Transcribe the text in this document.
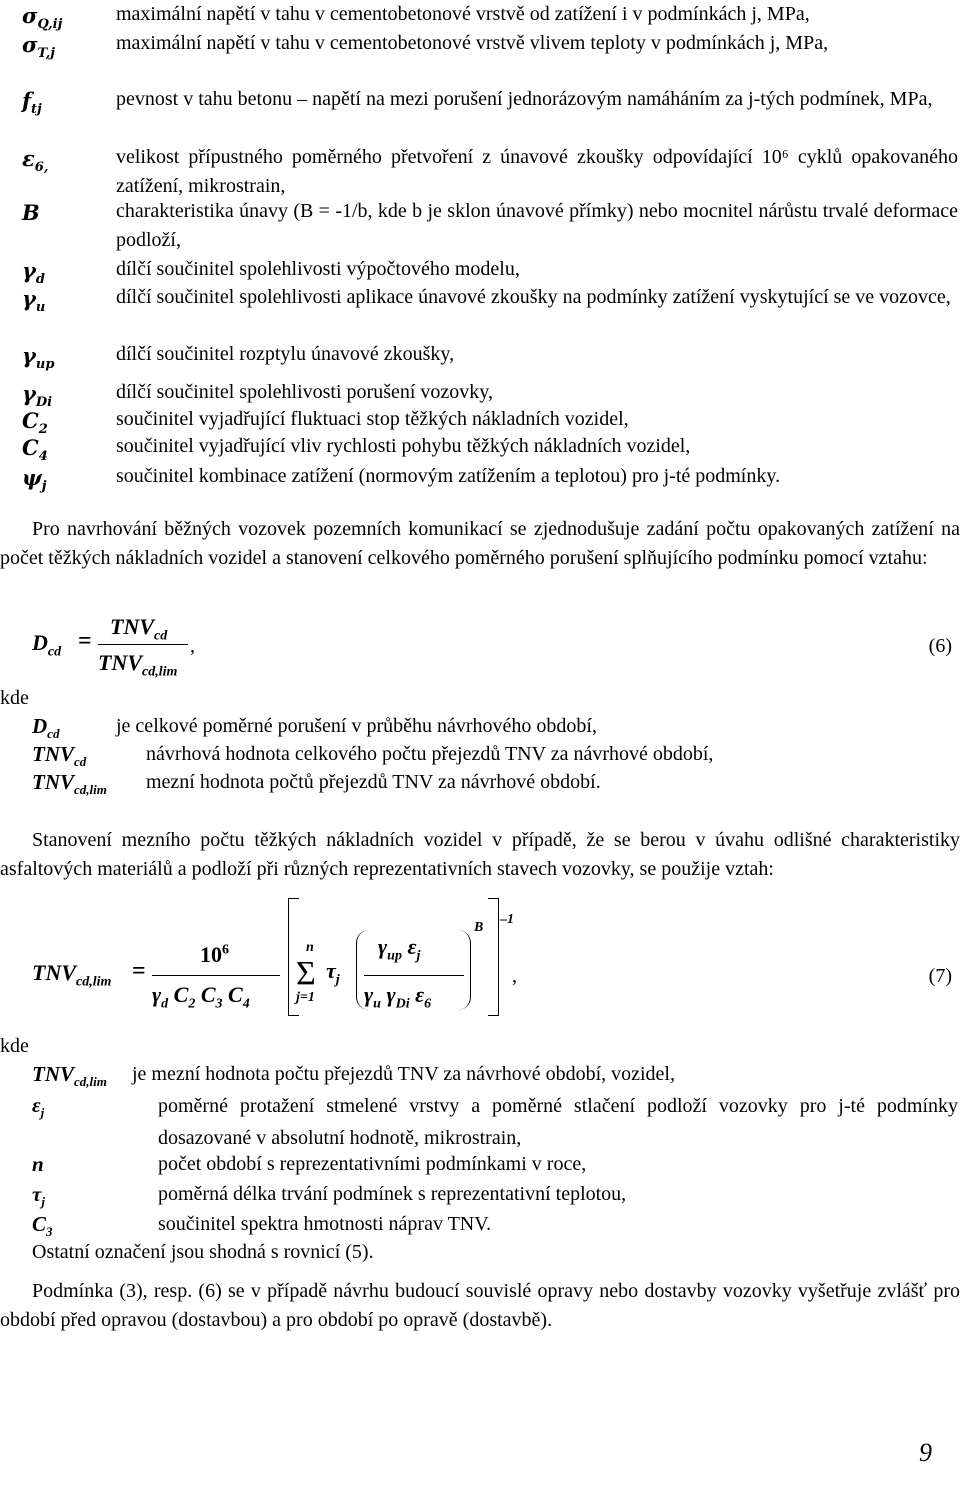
$\sigma_{Q,ij}$	maximální napětí v tahu v cementobetonové vrstvě od zatížení i v podmínkách j, MPa,
$\sigma_{T,j}$	maximální napětí v tahu v cementobetonové vrstvě vlivem teploty v podmínkách j, MPa,
$f_{tj}$	pevnost v tahu betonu – napětí na mezi porušení jednorázovým namáháním za j-tých podmínek, MPa,
$\varepsilon_{6,}$	velikost přípustného poměrného přetvoření z únavové zkoušky odpovídající 10⁶ cyklů opakovaného zatížení, mikrostrain,
B	charakteristika únavy (B = -1/b, kde b je sklon únavové přímky) nebo mocnitel nárůstu trvalé deformace podloží,
$\gamma_d$	dílčí součinitel spolehlivosti výpočtového modelu,
$\gamma_u$	dílčí součinitel spolehlivosti aplikace únavové zkoušky na podmínky zatížení vyskytující se ve vozovce,
$\gamma_{up}$	dílčí součinitel rozptylu únavové zkoušky,
$\gamma_{Di}$	dílčí součinitel spolehlivosti porušení vozovky,
$C_2$	součinitel vyjadřující fluktuaci stop těžkých nákladních vozidel,
$C_4$	součinitel vyjadřující vliv rychlosti pohybu těžkých nákladních vozidel,
$\psi_j$	součinitel kombinace zatížení (normovým zatížením a teplotou) pro j-té podmínky.
Pro navrhování běžných vozovek pozemních komunikací se zjednodušuje zadání počtu opakovaných zatížení na počet těžkých nákladních vozidel a stanovení celkového poměrného porušení splňujícího podmínku pomocí vztahu:
$D_{cd}$ =
$TNV_{cd}$
$TNV_{cd,lim}$
,	(6)
kde
$D_{cd}$	je celkové poměrné porušení v průběhu návrhového období,
$TNV_{cd}$	návrhová hodnota celkového počtu přejezdů TNV za návrhové období,
$TNV_{cd,lim}$ mezní hodnota počtů přejezdů TNV za návrhové období.
Stanovení mezního počtu těžkých nákladních vozidel v případě, že se berou v úvahu odlišné charakteristiky asfaltových materiálů a podloží při různých reprezentativních stavech vozovky, se použije vztah:
$TNV_{cd,lim}$ =
$10^6$
$\gamma_d$ $C_2$ $C_3$ $C_4$
n
Σ
j=1
$\tau_j$
$\gamma_{up}$ $\varepsilon_j$
$\gamma_u$ $\gamma_{Di}$ $\varepsilon_6$
B
–1
,	(7)
kde
$TNV_{cd,lim}$ je mezní hodnota počtu přejezdů TNV za návrhové období, vozidel,
$\varepsilon_j$	poměrné protažení stmelené vrstvy a poměrné stlačení podloží vozovky pro j-té podmínky dosazované v absolutní hodnotě, mikrostrain,
n	počet období s reprezentativními podmínkami v roce,
$\tau_j$	poměrná délka trvání podmínek s reprezentativní teplotou,
$C_3$	součinitel spektra hmotnosti náprav TNV.
Ostatní označení jsou shodná s rovnicí (5).
Podmínka (3), resp. (6) se v případě návrhu budoucí souvislé opravy nebo dostavby vozovky vyšetřuje zvlášť pro období před opravou (dostavbou) a pro období po opravě (dostavbě).
9
